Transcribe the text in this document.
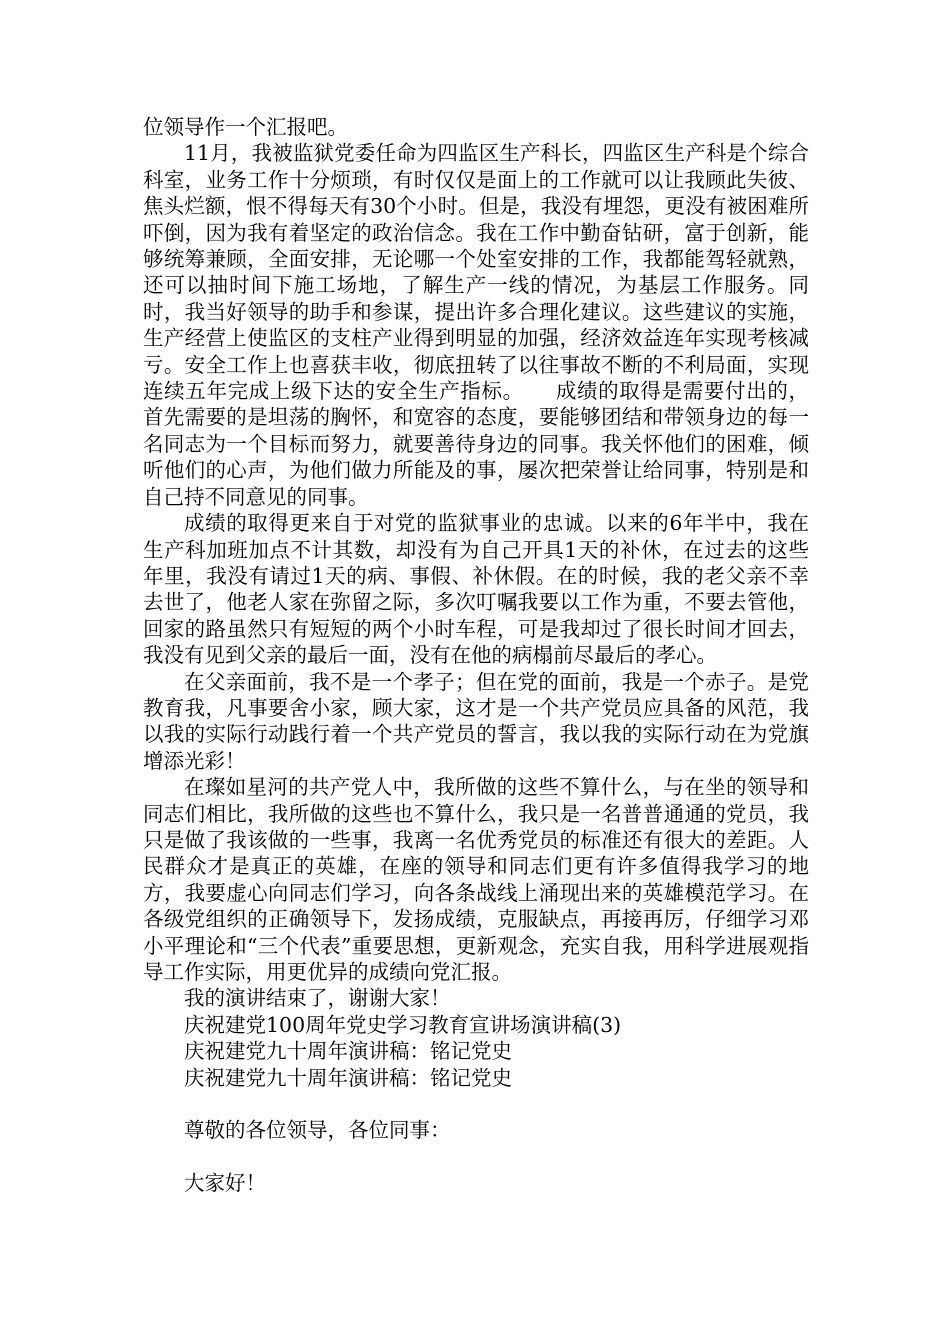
位领导作一个汇报吧。

11月，我被监狱党委任命为四监区生产科长，四监区生产科是个综合科室，业务工作十分烦琐，有时仅仅是面上的工作就可以让我顾此失彼、焦头烂额，恨不得每天有30个小时。但是，我没有埋怨，更没有被困难所吓倒，因为我有着坚定的政治信念。我在工作中勤奋钻研，富于创新，能够统筹兼顾，全面安排，无论哪一个处室安排的工作，我都能驾轻就熟，还可以抽时间下施工场地，了解生产一线的情况，为基层工作服务。同时，我当好领导的助手和参谋，提出许多合理化建议。这些建议的实施，生产经营上使监区的支柱产业得到明显的加强，经济效益连年实现考核减亏。安全工作上也喜获丰收，彻底扭转了以往事故不断的不利局面，实现连续五年完成上级下达的安全生产指标。　　成绩的取得是需要付出的，首先需要的是坦荡的胸怀，和宽容的态度，要能够团结和带领身边的每一名同志为一个目标而努力，就要善待身边的同事。我关怀他们的困难，倾听他们的心声，为他们做力所能及的事，屡次把荣誉让给同事，特别是和自己持不同意见的同事。

成绩的取得更来自于对党的监狱事业的忠诚。以来的6年半中，我在生产科加班加点不计其数，却没有为自己开具1天的补休，在过去的这些年里，我没有请过1天的病、事假、补休假。在的时候，我的老父亲不幸去世了，他老人家在弥留之际，多次叮嘱我要以工作为重，不要去管他，回家的路虽然只有短短的两个小时车程，可是我却过了很长时间才回去，我没有见到父亲的最后一面，没有在他的病榻前尽最后的孝心。

在父亲面前，我不是一个孝子；但在党的面前，我是一个赤子。是党教育我，凡事要舍小家，顾大家，这才是一个共产党员应具备的风范，我以我的实际行动践行着一个共产党员的誓言，我以我的实际行动在为党旗增添光彩！

在璨如星河的共产党人中，我所做的这些不算什么，与在坐的领导和同志们相比，我所做的这些也不算什么，我只是一名普普通通的党员，我只是做了我该做的一些事，我离一名优秀党员的标准还有很大的差距。人民群众才是真正的英雄，在座的领导和同志们更有许多值得我学习的地方，我要虚心向同志们学习，向各条战线上涌现出来的英雄模范学习。在各级党组织的正确领导下，发扬成绩，克服缺点，再接再厉，仔细学习邓小平理论和“三个代表”重要思想，更新观念，充实自我，用科学进展观指导工作实际，用更优异的成绩向党汇报。

我的演讲结束了，谢谢大家！

庆祝建党100周年党史学习教育宣讲场演讲稿(3)

庆祝建党九十周年演讲稿：铭记党史

庆祝建党九十周年演讲稿：铭记党史

尊敬的各位领导，各位同事：

大家好！
